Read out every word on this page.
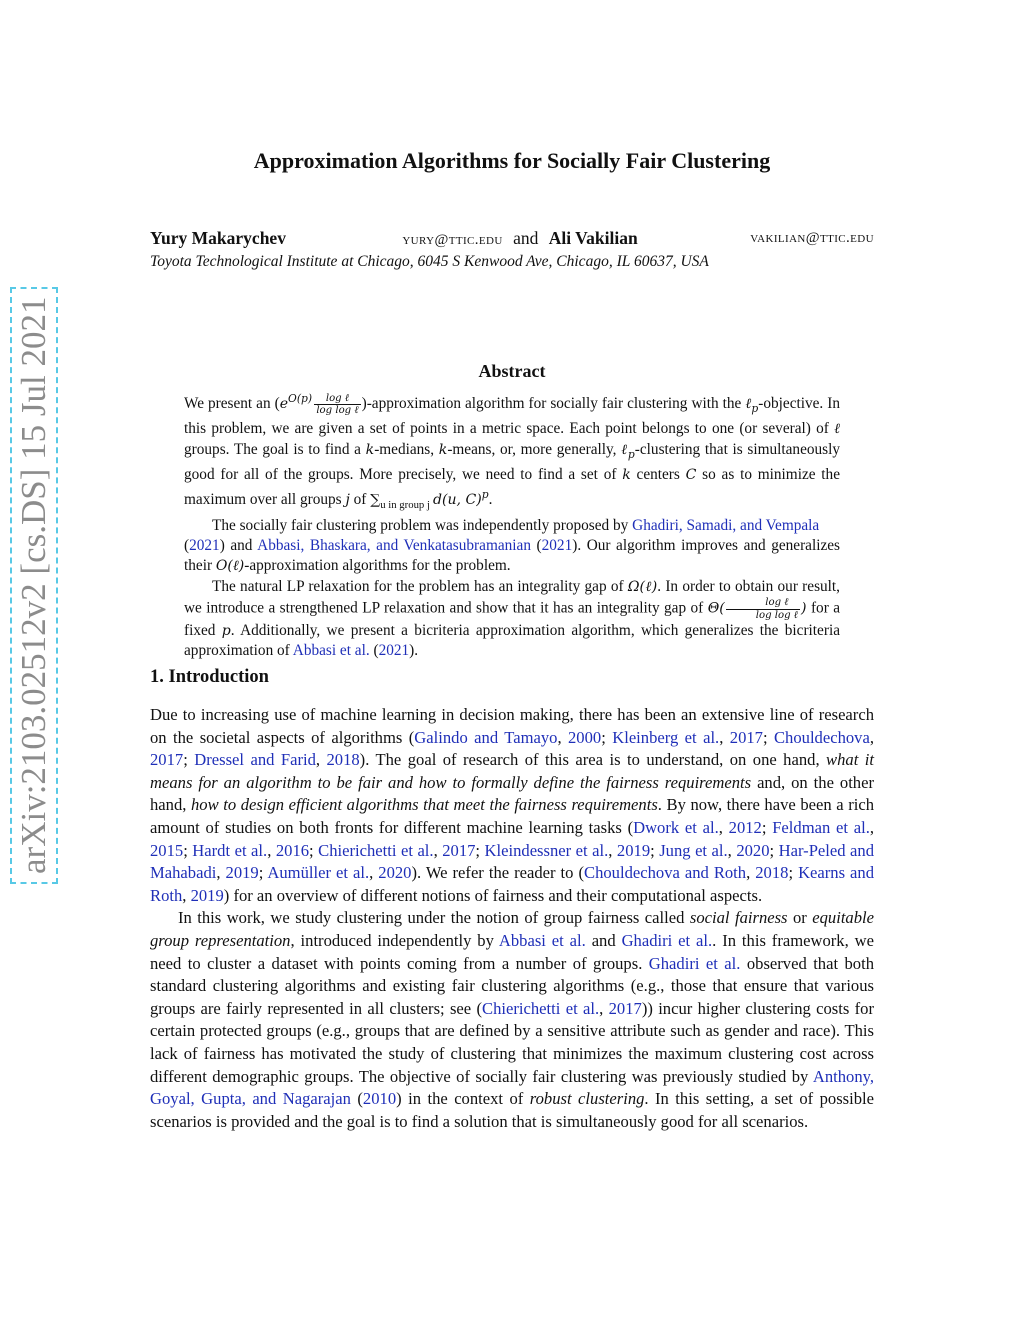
arXiv:2103.02512v2 [cs.DS] 15 Jul 2021
Approximation Algorithms for Socially Fair Clustering
Yury Makarychev	yury@ttic.edu and Ali Vakilian	vakilian@ttic.edu
Toyota Technological Institute at Chicago, 6045 S Kenwood Ave, Chicago, IL 60637, USA
Abstract

We present an ($e^{O(p)}$  $\frac{\text{log ℓ}}{\text{log log ℓ}}$ )-approximation algorithm for socially fair clustering with the ℓ$_p$-objective. In this problem, we are given a set of points in a metric space. Each point belongs to one (or several) of ℓ groups. The goal is to find a k-medians, k-means, or, more generally, ℓ$_p$-clustering that is simultaneously good for all of the groups. More precisely, we need to find a set of k centers C so as to minimize the maximum over all groups j of $\sum_{u in group j}$  d(u, C)$^p$.

The socially fair clustering problem was independently proposed by Ghadiri, Samadi, and Vempala
(2021) and Abbasi, Bhaskara, and Venkatasubramanian (2021). Our algorithm improves and generalizes their O(ℓ)-approximation algorithms for the problem.

The natural LP relaxation for the problem has an integrality gap of Ω(ℓ). In order to obtain our result, we introduce a strengthened LP relaxation and show that it has an integrality gap of $\Theta( \frac{\text{log ℓ}}{\text{log log ℓ}}$ ) for a fixed p. Additionally, we present a bicriteria approximation algorithm, which generalizes the bicriteria approximation of Abbasi et al. (2021).

1. Introduction

Due to increasing use of machine learning in decision making, there has been an extensive line of research on the societal aspects of algorithms (Galindo and Tamayo, 2000; Kleinberg et al., 2017; Chouldechova, 2017; Dressel and Farid, 2018). The goal of research of this area is to understand, on one hand, what it means for an algorithm to be fair and how to formally define the fairness requirements and, on the other hand, how to design efficient algorithms that meet the fairness requirements. By now, there have been a rich amount of studies on both fronts for different machine learning tasks (Dwork et al., 2012; Feldman et al., 2015; Hardt et al., 2016; Chierichetti et al., 2017; Kleindessner et al., 2019; Jung et al., 2020; Har-Peled and Mahabadi, 2019; Aumüller et al., 2020). We refer the reader to (Chouldechova and Roth, 2018; Kearns and Roth, 2019) for an overview of different notions of fairness and their computational aspects.

In this work, we study clustering under the notion of group fairness called social fairness or equitable group representation, introduced independently by Abbasi et al. and Ghadiri et al.. In this framework, we need to cluster a dataset with points coming from a number of groups. Ghadiri et al. observed that both standard clustering algorithms and existing fair clustering algorithms (e.g., those that ensure that various groups are fairly represented in all clusters; see (Chierichetti et al., 2017)) incur higher clustering costs for certain protected groups (e.g., groups that are defined by a sensitive attribute such as gender and race). This lack of fairness has motivated the study of clustering that minimizes the maximum clustering cost across different demographic groups. The objective of socially fair clustering was previously studied by Anthony, Goyal, Gupta, and Nagarajan (2010) in the context of robust clustering. In this setting, a set of possible scenarios is provided and the goal is to find a solution that is simultaneously good for all scenarios.
